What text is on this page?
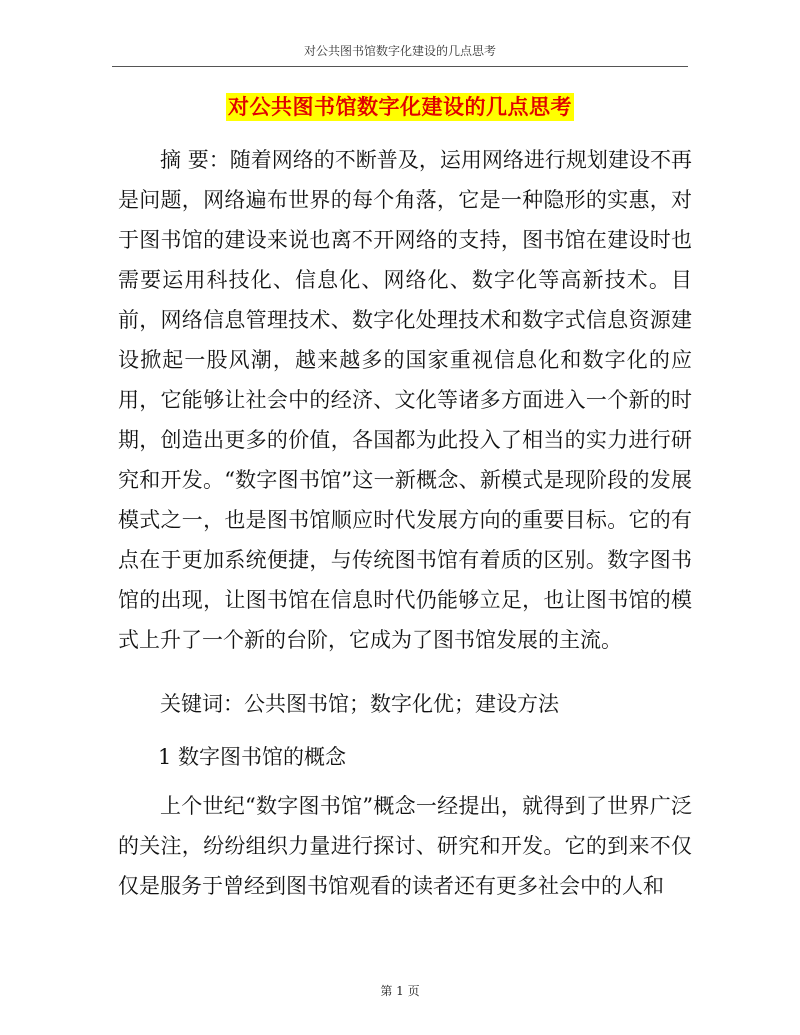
对公共图书馆数字化建设的几点思考
对公共图书馆数字化建设的几点思考
摘 要：随着网络的不断普及，运用网络进行规划建设不再是问题，网络遍布世界的每个角落，它是一种隐形的实惠，对于图书馆的建设来说也离不开网络的支持，图书馆在建设时也需要运用科技化、信息化、网络化、数字化等高新技术。目前，网络信息管理技术、数字化处理技术和数字式信息资源建设掀起一股风潮，越来越多的国家重视信息化和数字化的应用，它能够让社会中的经济、文化等诸多方面进入一个新的时期，创造出更多的价值，各国都为此投入了相当的实力进行研究和开发。“数字图书馆”这一新概念、新模式是现阶段的发展模式之一，也是图书馆顺应时代发展方向的重要目标。它的有点在于更加系统便捷，与传统图书馆有着质的区别。数字图书馆的出现，让图书馆在信息时代仍能够立足，也让图书馆的模式上升了一个新的台阶，它成为了图书馆发展的主流。
关键词：公共图书馆；数字化优；建设方法
1 数字图书馆的概念
上个世纪“数字图书馆”概念一经提出，就得到了世界广泛的关注，纷纷组织力量进行探讨、研究和开发。它的到来不仅仅是服务于曾经到图书馆观看的读者还有更多社会中的人和
第 1 页
